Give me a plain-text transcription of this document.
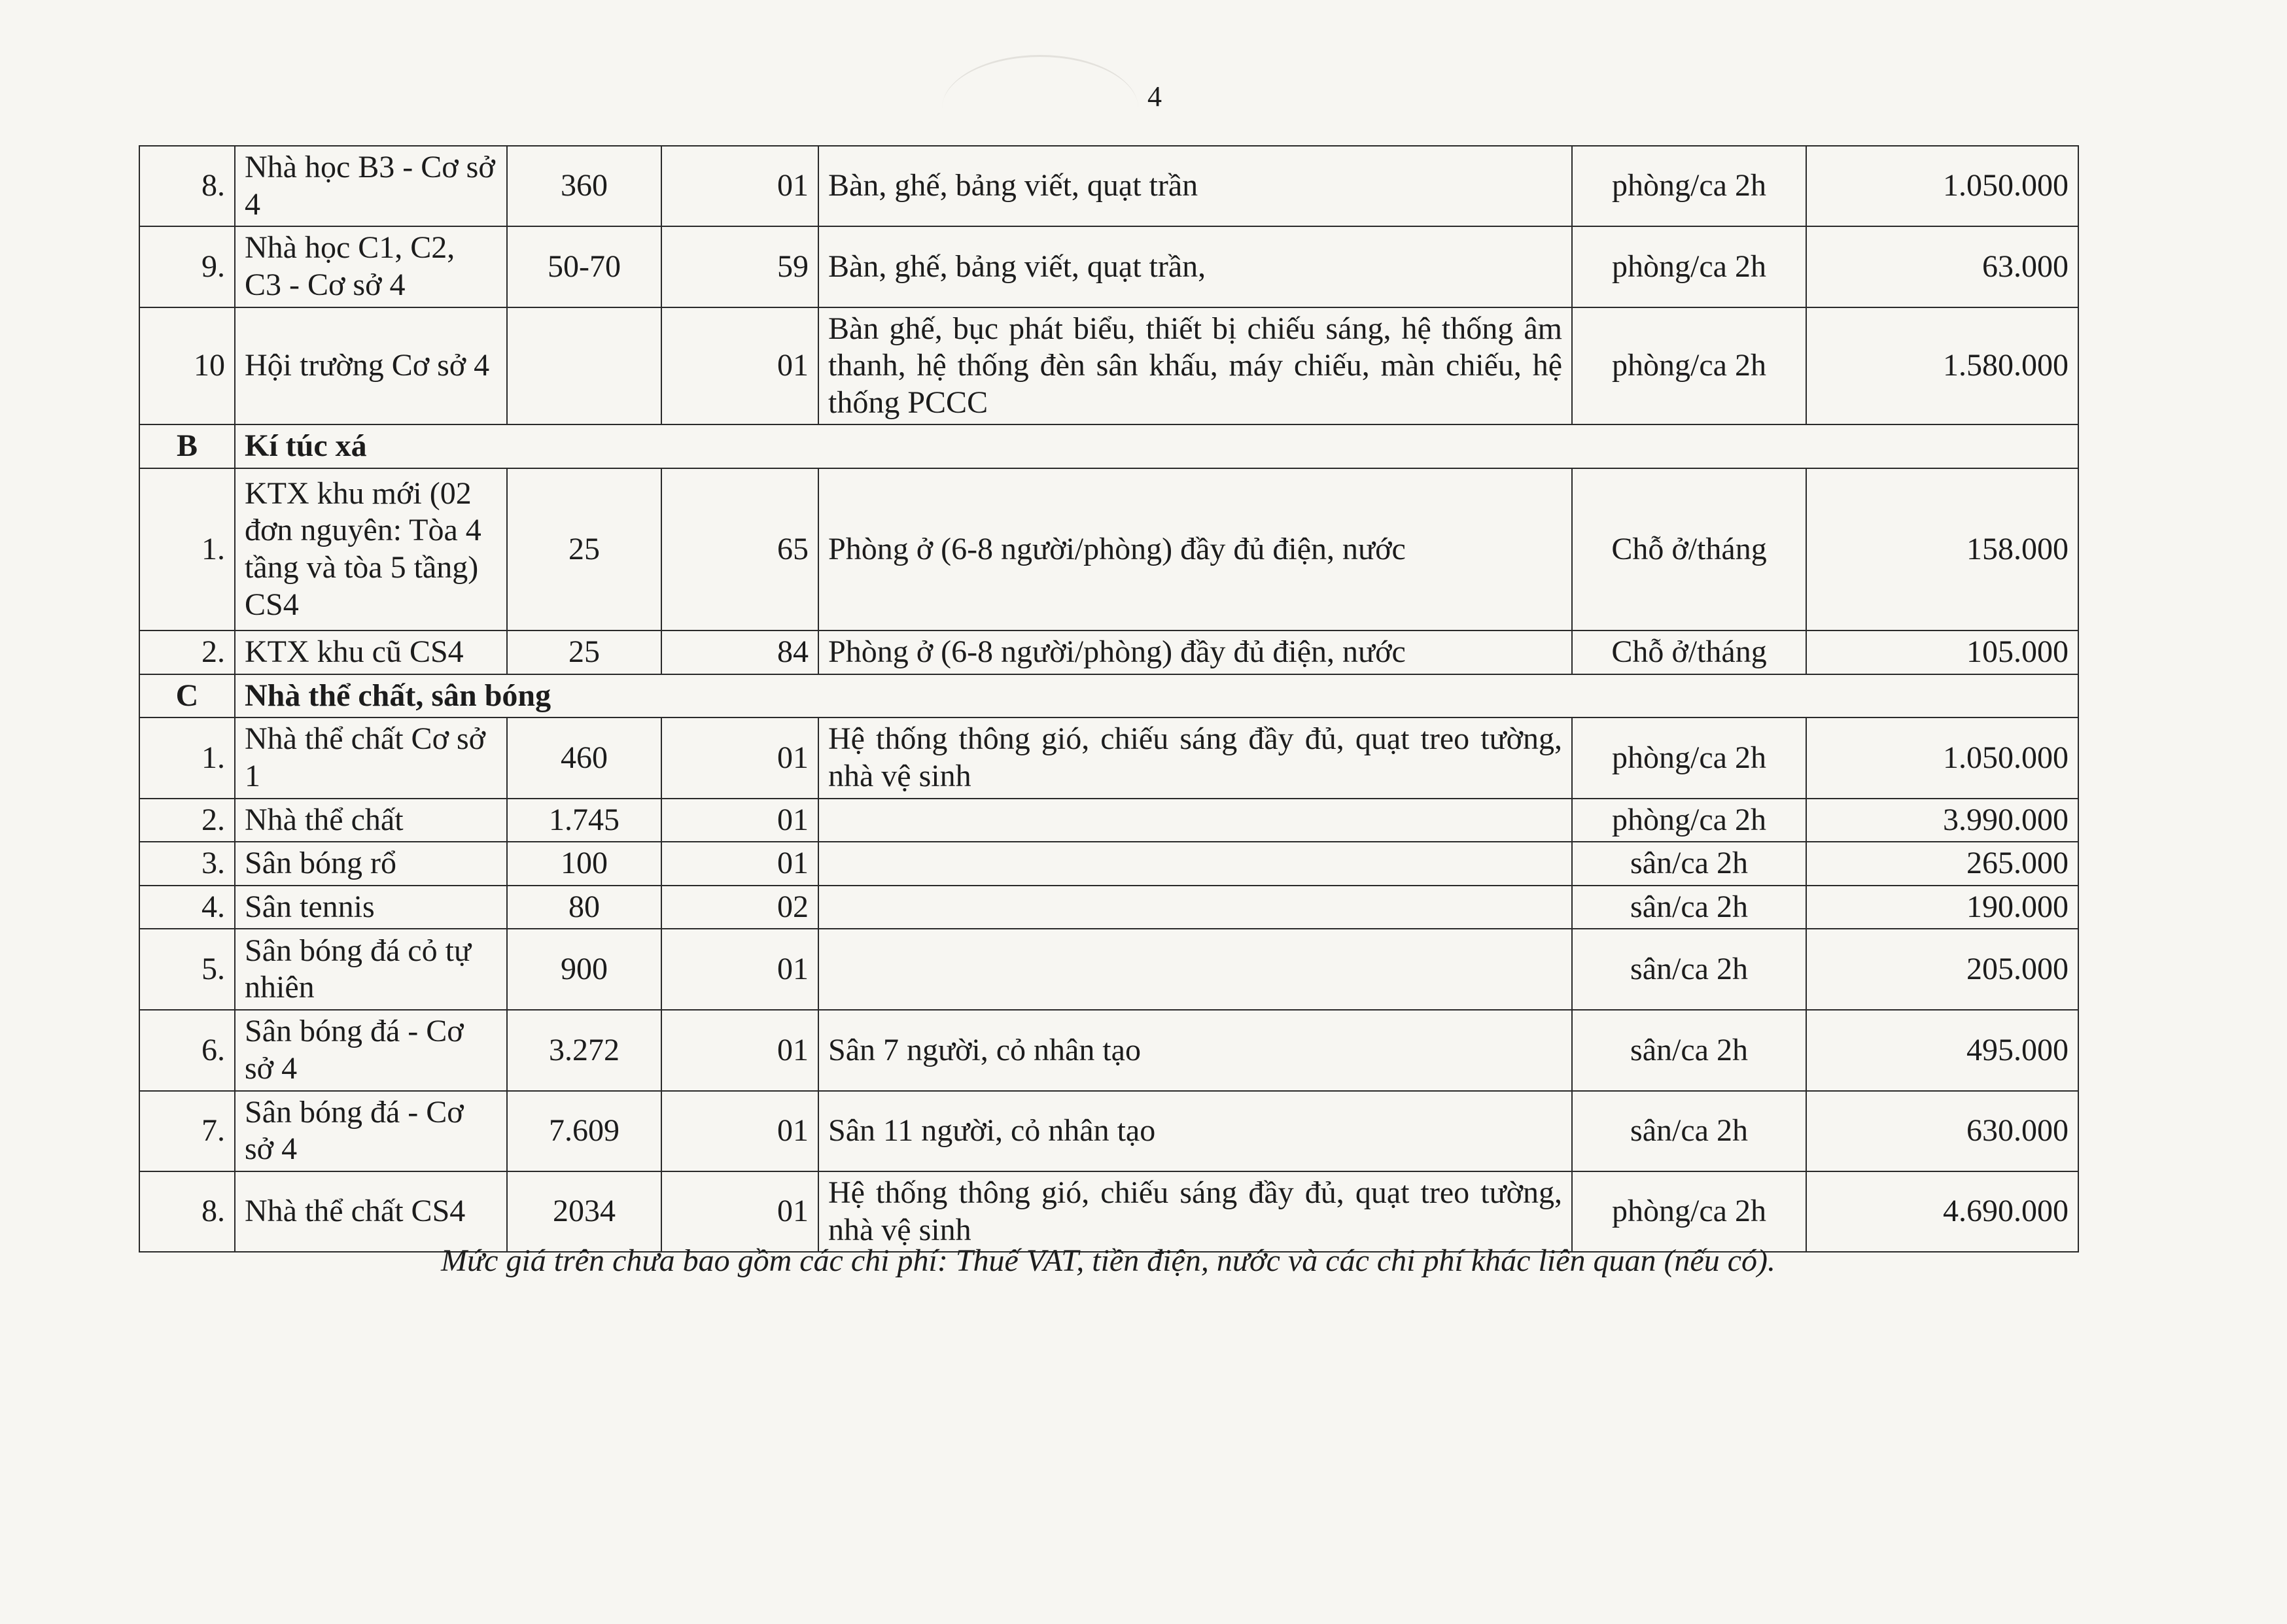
4
8.	Nhà học B3 - Cơ sở 4	360	01	Bàn, ghế, bảng viết, quạt trần	phòng/ca 2h	1.050.000
9.	Nhà học C1, C2, C3 - Cơ sở 4	50-70	59	Bàn, ghế, bảng viết, quạt trần,	phòng/ca 2h	63.000
10	Hội trường Cơ sở 4		01	Bàn ghế, bục phát biểu, thiết bị chiếu sáng, hệ thống âm thanh, hệ thống đèn sân khấu, máy chiếu, màn chiếu, hệ thống PCCC	phòng/ca 2h	1.580.000
B	Kí túc xá					
1.	KTX khu mới (02 đơn nguyên: Tòa 4 tầng và tòa 5 tầng) CS4	25	65	Phòng ở (6-8 người/phòng) đầy đủ điện, nước	Chỗ ở/tháng	158.000
2.	KTX khu cũ CS4	25	84	Phòng ở (6-8 người/phòng) đầy đủ điện, nước	Chỗ ở/tháng	105.000
C	Nhà thể chất, sân bóng					
1.	Nhà thể chất Cơ sở 1	460	01	Hệ thống thông gió, chiếu sáng đầy đủ, quạt treo tường, nhà vệ sinh	phòng/ca 2h	1.050.000
2.	Nhà thể chất	1.745	01		phòng/ca 2h	3.990.000
3.	Sân bóng rổ	100	01		sân/ca 2h	265.000
4.	Sân tennis	80	02		sân/ca 2h	190.000
5.	Sân bóng đá cỏ tự nhiên	900	01		sân/ca 2h	205.000
6.	Sân bóng đá - Cơ sở 4	3.272	01	Sân 7 người, cỏ nhân tạo	sân/ca 2h	495.000
7.	Sân bóng đá - Cơ sở 4	7.609	01	Sân 11 người, cỏ nhân tạo	sân/ca 2h	630.000
8.	Nhà thể chất CS4	2034	01	Hệ thống thông gió, chiếu sáng đầy đủ, quạt treo tường, nhà vệ sinh	phòng/ca 2h	4.690.000
Mức giá trên chưa bao gồm các chi phí: Thuế VAT, tiền điện, nước và các chi phí khác liên quan (nếu có).
